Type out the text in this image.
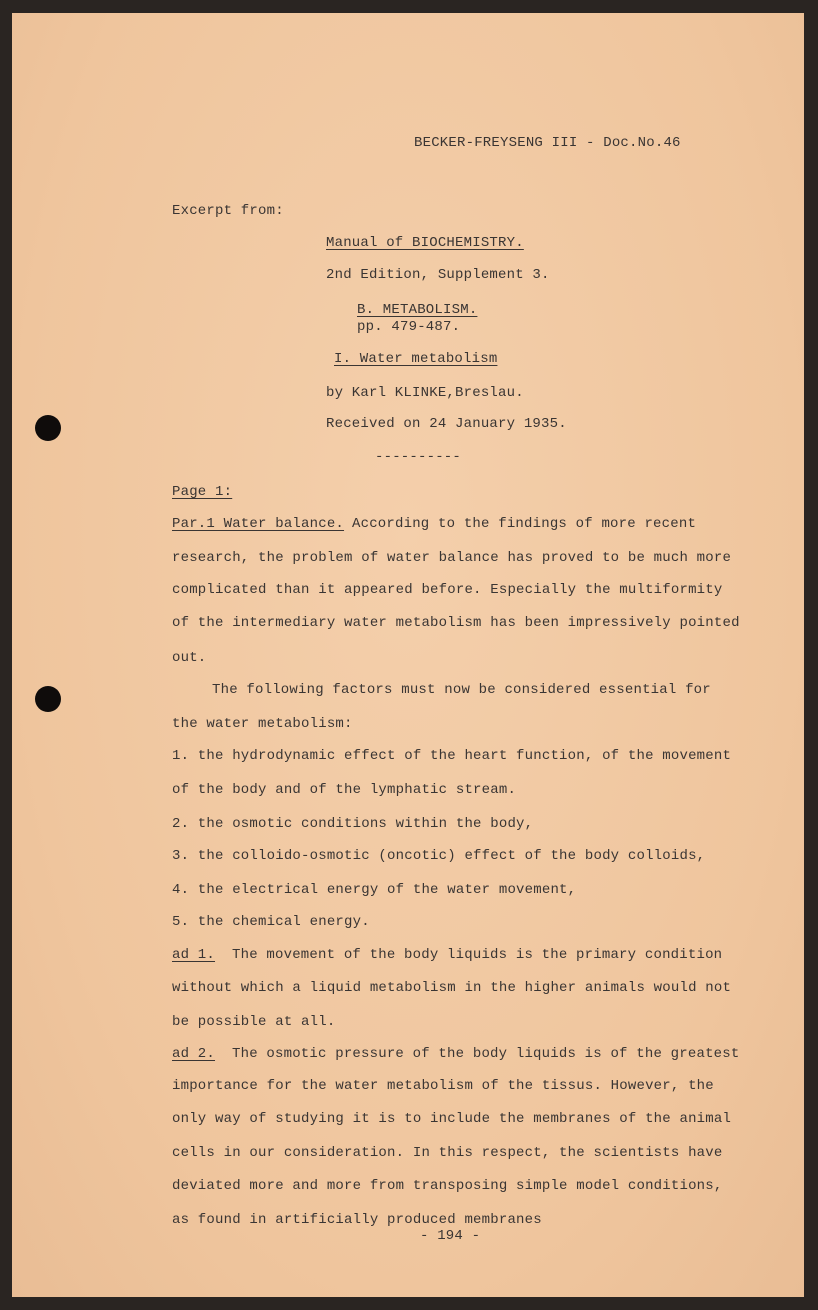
BECKER-FREYSENG III - Doc.No.46
Excerpt from:
Manual of BIOCHEMISTRY.
2nd Edition, Supplement 3.
B. METABOLISM.
pp. 479-487.
I. Water metabolism
by Karl KLINKE,Breslau.
Received on 24 January 1935.
----------
Page 1:
Par.1 Water balance. According to the findings of more recent
research, the problem of water balance has proved to be much more
complicated than it appeared before. Especially the multiformity
of the intermediary water metabolism has been impressively pointed
out.
The following factors must now be considered essential for
the water metabolism:
1. the hydrodynamic effect of the heart function, of the movement
of the body and of the lymphatic stream.
2. the osmotic conditions within the body,
3. the colloido-osmotic (oncotic) effect of the body colloids,
4. the electrical energy of the water movement,
5. the chemical energy.
ad 1. The movement of the body liquids is the primary condition
without which a liquid metabolism in the higher animals would not
be possible at all.
ad 2. The osmotic pressure of the body liquids is of the greatest
importance for the water metabolism of the tissus. However, the
only way of studying it is to include the membranes of the animal
cells in our consideration. In this respect, the scientists have
deviated more and more from transposing simple model conditions,
as found in artificially produced membranes
- 194 -
